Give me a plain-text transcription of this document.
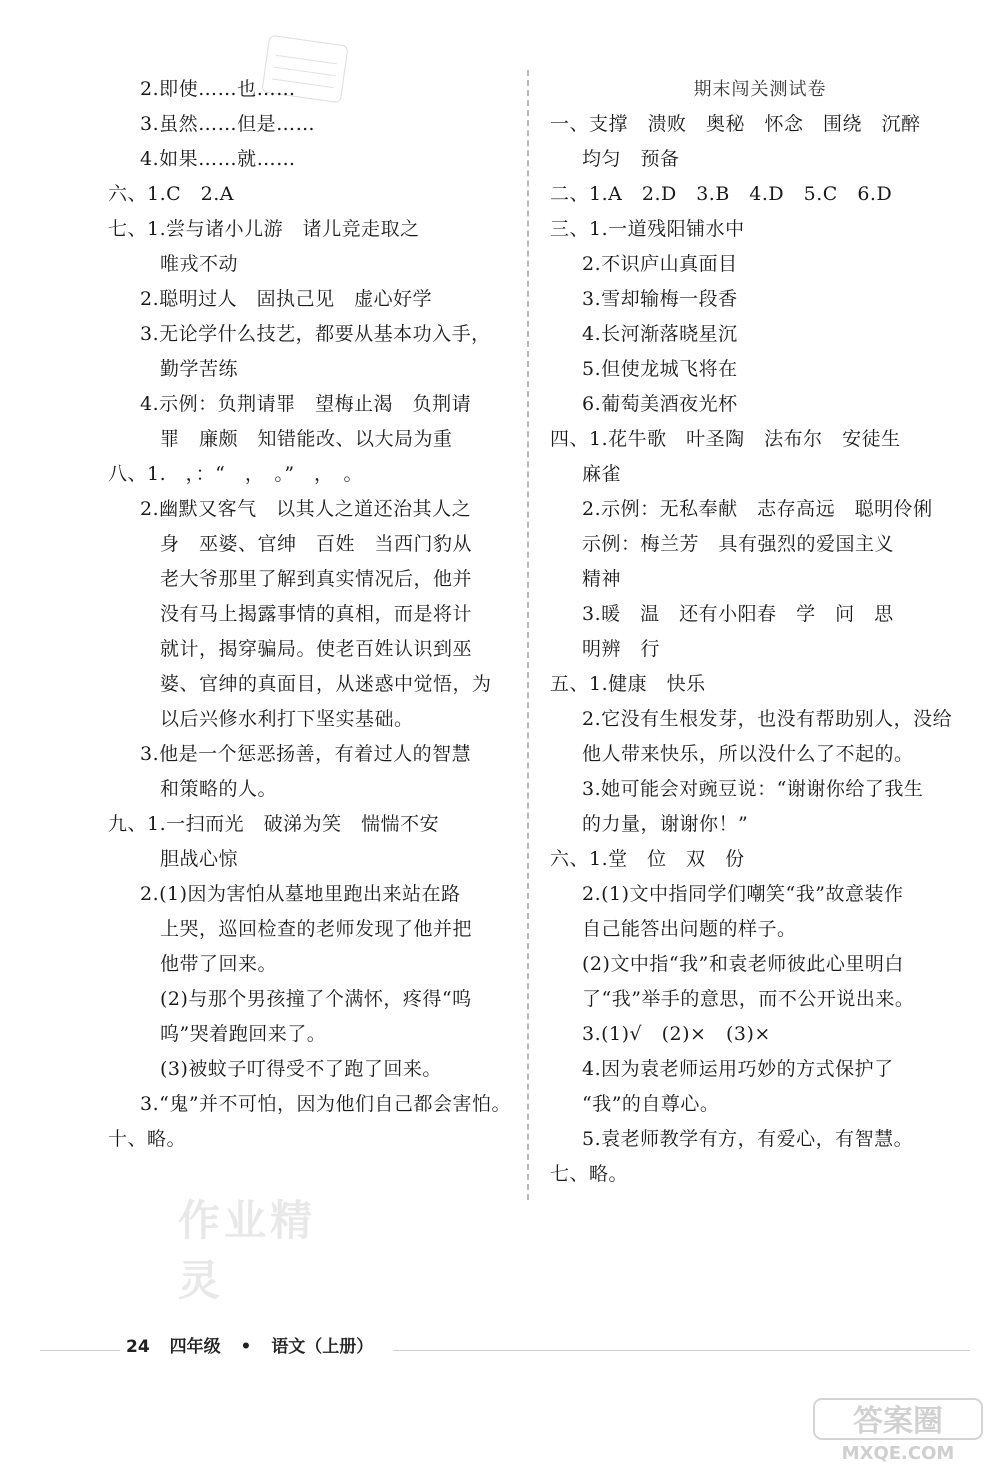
2.即使……也……
3.虽然……但是……
4.如果……就……
六、1.C　2.A
七、1.尝与诸小儿游　诸儿竞走取之
唯戎不动
2.聪明过人　固执己见　虚心好学
3.无论学什么技艺，都要从基本功入手，
勤学苦练
4.示例：负荆请罪　望梅止渴　负荆请
罪　廉颇　知错能改、以大局为重
八、1.　，：“　，　。”　，　。
2.幽默又客气　以其人之道还治其人之
身　巫婆、官绅　百姓　当西门豹从
老大爷那里了解到真实情况后，他并
没有马上揭露事情的真相，而是将计
就计，揭穿骗局。使老百姓认识到巫
婆、官绅的真面目，从迷惑中觉悟，为
以后兴修水利打下坚实基础。
3.他是一个惩恶扬善，有着过人的智慧
和策略的人。
九、1.一扫而光　破涕为笑　惴惴不安
胆战心惊
2.(1)因为害怕从墓地里跑出来站在路
上哭，巡回检查的老师发现了他并把
他带了回来。
(2)与那个男孩撞了个满怀，疼得“呜
呜”哭着跑回来了。
(3)被蚊子叮得受不了跑了回来。
3.“鬼”并不可怕，因为他们自己都会害怕。
十、略。
期末闯关测试卷
一、支撑　溃败　奥秘　怀念　围绕　沉醉
均匀　预备
二、1.A　2.D　3.B　4.D　5.C　6.D
三、1.一道残阳铺水中
2.不识庐山真面目
3.雪却输梅一段香
4.长河渐落晓星沉
5.但使龙城飞将在
6.葡萄美酒夜光杯
四、1.花牛歌　叶圣陶　法布尔　安徒生
麻雀
2.示例：无私奉献　志存高远　聪明伶俐
示例：梅兰芳　具有强烈的爱国主义
精神
3.暖　温　还有小阳春　学　问　思
明辨　行
五、1.健康　快乐
2.它没有生根发芽，也没有帮助别人，没给
他人带来快乐，所以没什么了不起的。
3.她可能会对豌豆说：“谢谢你给了我生
的力量，谢谢你！”
六、1.堂　位　双　份
2.(1)文中指同学们嘲笑“我”故意装作
自己能答出问题的样子。
(2)文中指“我”和袁老师彼此心里明白
了“我”举手的意思，而不公开说出来。
3.(1)√　(2)×　(3)×
4.因为袁老师运用巧妙的方式保护了
“我”的自尊心。
5.袁老师教学有方，有爱心，有智慧。
七、略。
作业精灵
24 四年级 • 语文（上册）
答案圈
MXQE.COM
